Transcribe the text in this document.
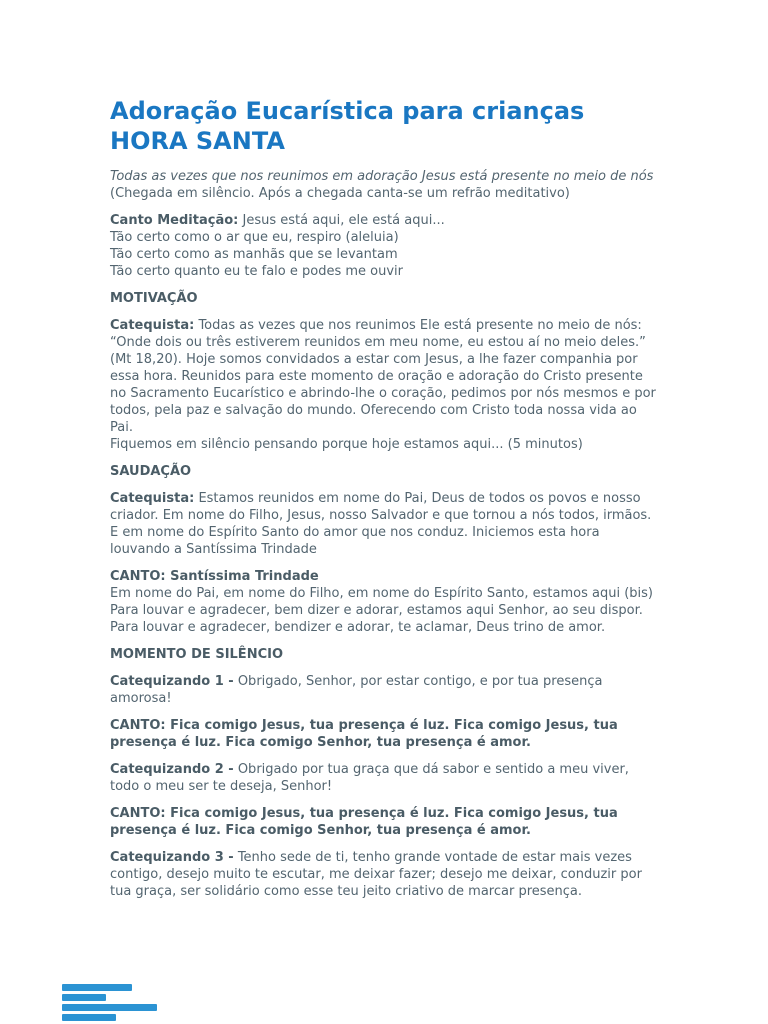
Adoração Eucarística para crianças
HORA SANTA

Todas as vezes que nos reunimos em adoração Jesus está presente no meio de nós
(Chegada em silêncio. Após a chegada canta-se um refrão meditativo)

Canto Meditação: Jesus está aqui, ele está aqui...
Tão certo como o ar que eu, respiro (aleluia)
Tão certo como as manhãs que se levantam
Tão certo quanto eu te falo e podes me ouvir

MOTIVAÇÃO

Catequista: Todas as vezes que nos reunimos Ele está presente no meio de nós: “Onde dois ou três estiverem reunidos em meu nome, eu estou aí no meio deles.” (Mt 18,20). Hoje somos convidados a estar com Jesus, a lhe fazer companhia por essa hora. Reunidos para este momento de oração e adoração do Cristo presente no Sacramento Eucarístico e abrindo-lhe o coração, pedimos por nós mesmos e por todos, pela paz e salvação do mundo. Oferecendo com Cristo toda nossa vida ao Pai.
Fiquemos em silêncio pensando porque hoje estamos aqui... (5 minutos)

SAUDAÇÃO

Catequista: Estamos reunidos em nome do Pai, Deus de todos os povos e nosso criador. Em nome do Filho, Jesus, nosso Salvador e que tornou a nós todos, irmãos. E em nome do Espírito Santo do amor que nos conduz. Iniciemos esta hora louvando a Santíssima Trindade

CANTO: Santíssima Trindade
Em nome do Pai, em nome do Filho, em nome do Espírito Santo, estamos aqui (bis)
Para louvar e agradecer, bem dizer e adorar, estamos aqui Senhor, ao seu dispor. Para louvar e agradecer, bendizer e adorar, te aclamar, Deus trino de amor.

MOMENTO DE SILÊNCIO

Catequizando 1 - Obrigado, Senhor, por estar contigo, e por tua presença amorosa!

CANTO: Fica comigo Jesus, tua presença é luz. Fica comigo Jesus, tua presença é luz. Fica comigo Senhor, tua presença é amor.

Catequizando 2 - Obrigado por tua graça que dá sabor e sentido a meu viver, todo o meu ser te deseja, Senhor!

CANTO: Fica comigo Jesus, tua presença é luz. Fica comigo Jesus, tua presença é luz. Fica comigo Senhor, tua presença é amor.

Catequizando 3 - Tenho sede de ti, tenho grande vontade de estar mais vezes contigo, desejo muito te escutar, me deixar fazer; desejo me deixar, conduzir por tua graça, ser solidário como esse teu jeito criativo de marcar presença.
